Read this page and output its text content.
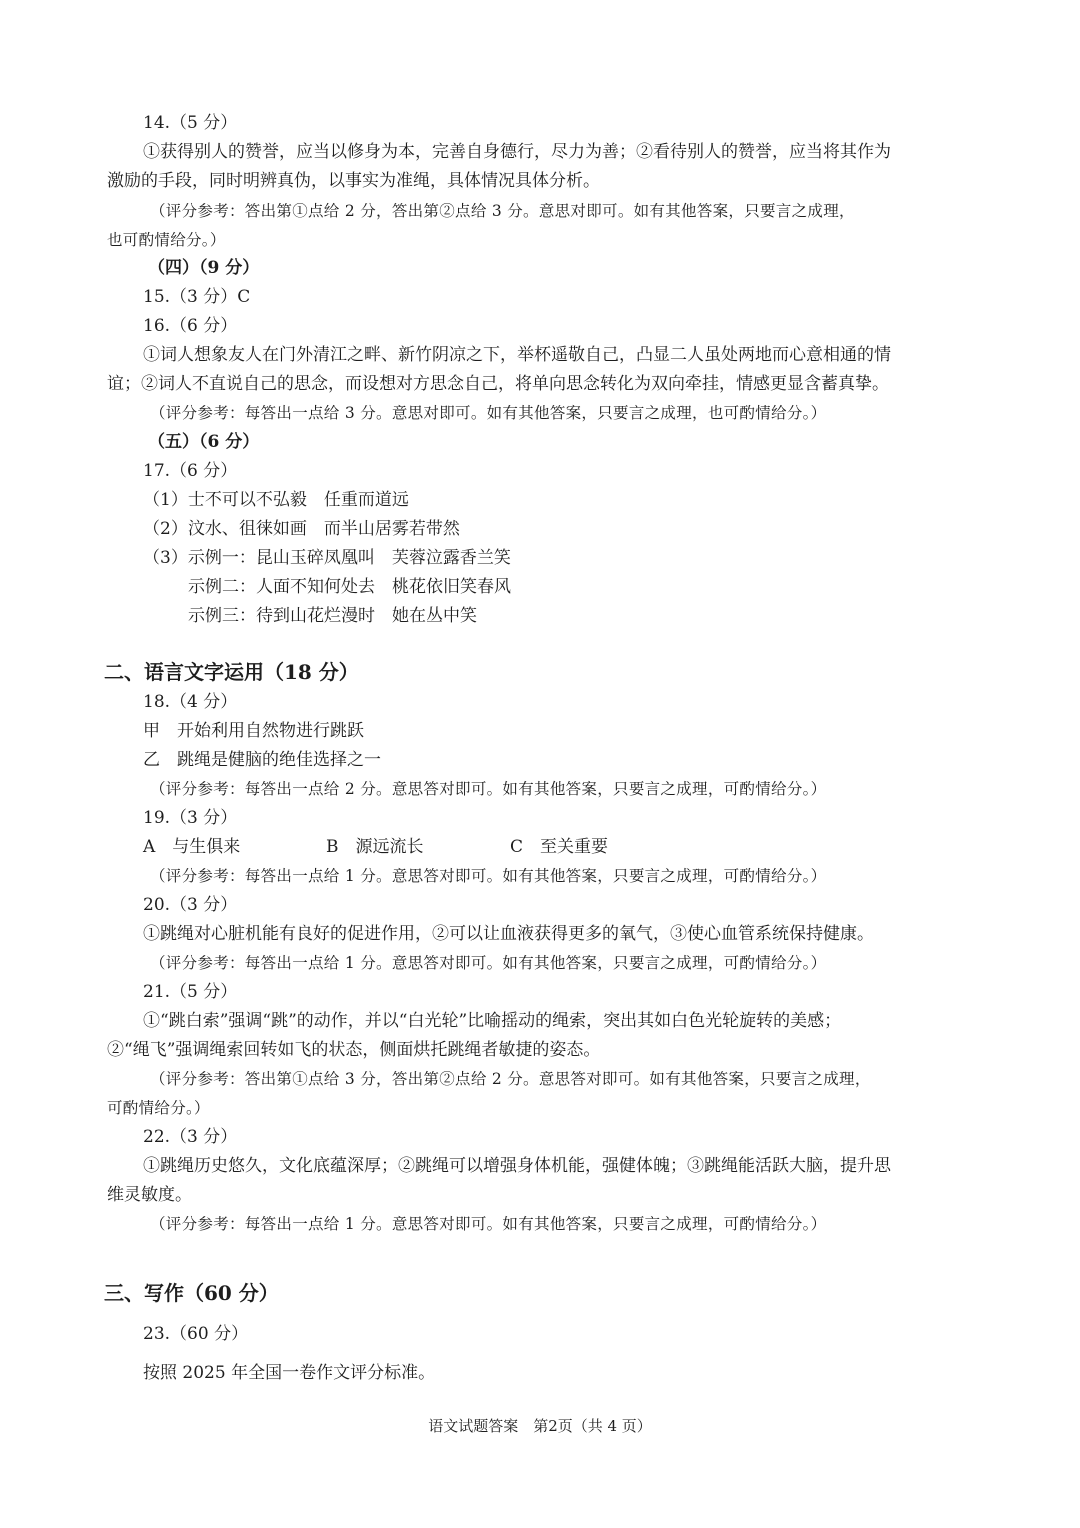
14.（5 分）
①获得别人的赞誉，应当以修身为本，完善自身德行，尽力为善；②看待别人的赞誉，应当将其作为
激励的手段，同时明辨真伪，以事实为准绳，具体情况具体分析。
（评分参考：答出第①点给 2 分，答出第②点给 3 分。意思对即可。如有其他答案，只要言之成理，
也可酌情给分。）
（四）（9 分）
15.（3 分）C
16.（6 分）
①词人想象友人在门外清江之畔、新竹阴凉之下，举杯遥敬自己，凸显二人虽处两地而心意相通的情
谊；②词人不直说自己的思念，而设想对方思念自己，将单向思念转化为双向牵挂，情感更显含蓄真挚。
（评分参考：每答出一点给 3 分。意思对即可。如有其他答案，只要言之成理，也可酌情给分。）
（五）（6 分）
17.（6 分）
（1）士不可以不弘毅　任重而道远
（2）汶水、徂徕如画　而半山居雾若带然
（3）示例一：昆山玉碎凤凰叫　芙蓉泣露香兰笑
示例二：人面不知何处去　桃花依旧笑春风
示例三：待到山花烂漫时　她在丛中笑
二、语言文字运用（18 分）
18.（4 分）
甲　开始利用自然物进行跳跃
乙　跳绳是健脑的绝佳选择之一
（评分参考：每答出一点给 2 分。意思答对即可。如有其他答案，只要言之成理，可酌情给分。）
19.（3 分）
A　与生俱来	B　源远流长	C　至关重要
（评分参考：每答出一点给 1 分。意思答对即可。如有其他答案，只要言之成理，可酌情给分。）
20.（3 分）
①跳绳对心脏机能有良好的促进作用，②可以让血液获得更多的氧气，③使心血管系统保持健康。
（评分参考：每答出一点给 1 分。意思答对即可。如有其他答案，只要言之成理，可酌情给分。）
21.（5 分）
①“跳白索”强调“跳”的动作，并以“白光轮”比喻摇动的绳索，突出其如白色光轮旋转的美感；
②“绳飞”强调绳索回转如飞的状态，侧面烘托跳绳者敏捷的姿态。
（评分参考：答出第①点给 3 分，答出第②点给 2 分。意思答对即可。如有其他答案，只要言之成理，
可酌情给分。）
22.（3 分）
①跳绳历史悠久，文化底蕴深厚；②跳绳可以增强身体机能，强健体魄；③跳绳能活跃大脑，提升思
维灵敏度。
（评分参考：每答出一点给 1 分。意思答对即可。如有其他答案，只要言之成理，可酌情给分。）
三、写作（60 分）
23.（60 分）
按照 2025 年全国一卷作文评分标准。
语文试题答案　第2页（共 4 页）
